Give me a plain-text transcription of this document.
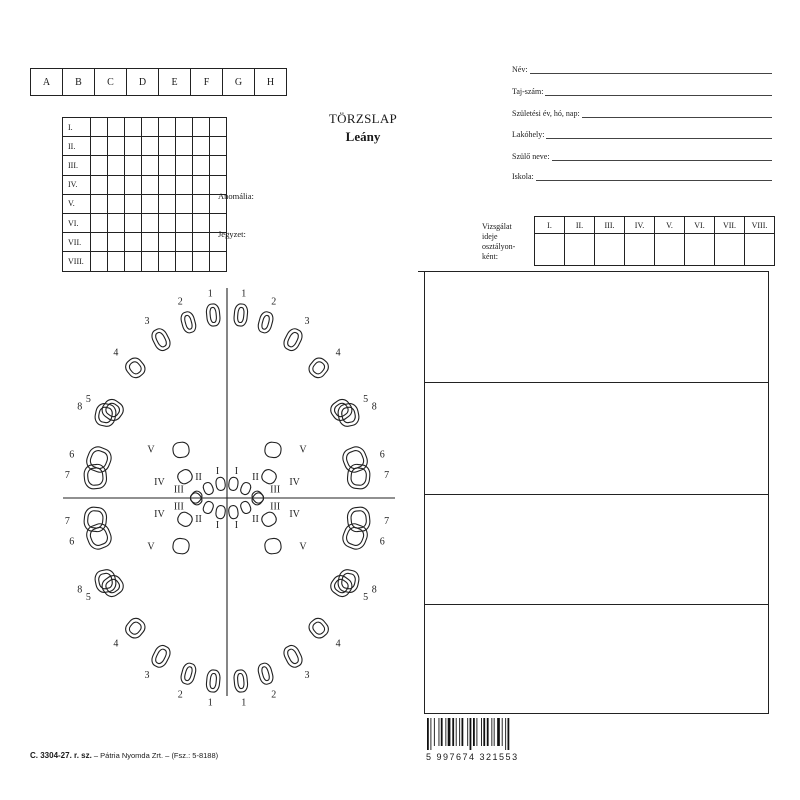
A	B	C	D	E	F	G	H
I.								
II.								
III.								
IV.								
V.								
VI.								
VII.								
VIII.								
TÖRZSLAP
Leány
Anomália:
Jegyzet:
Név:
Taj-szám:
Születési év, hó, nap:
Lakóhely:
Szülő neve:
Iskola:
Vizsgálat
ideje
osztályon-
ként:
I.	II.	III.	IV.	V.	VI.	VII.	VIII.

1
2
3
4
5
6
7
8
1
2
3
4
5
6
7
8
1
2
3
4
5
6
7
8
1
2
3
4
5
6
7
8
I
II
III
IV
V
I
II
III
IV
V
I
II
III
IV
V
I
II
III
IV
V
C. 3304-27. r. sz. – Pátria Nyomda Zrt. – (Fsz.: 5-8188)	5 997674 321553
